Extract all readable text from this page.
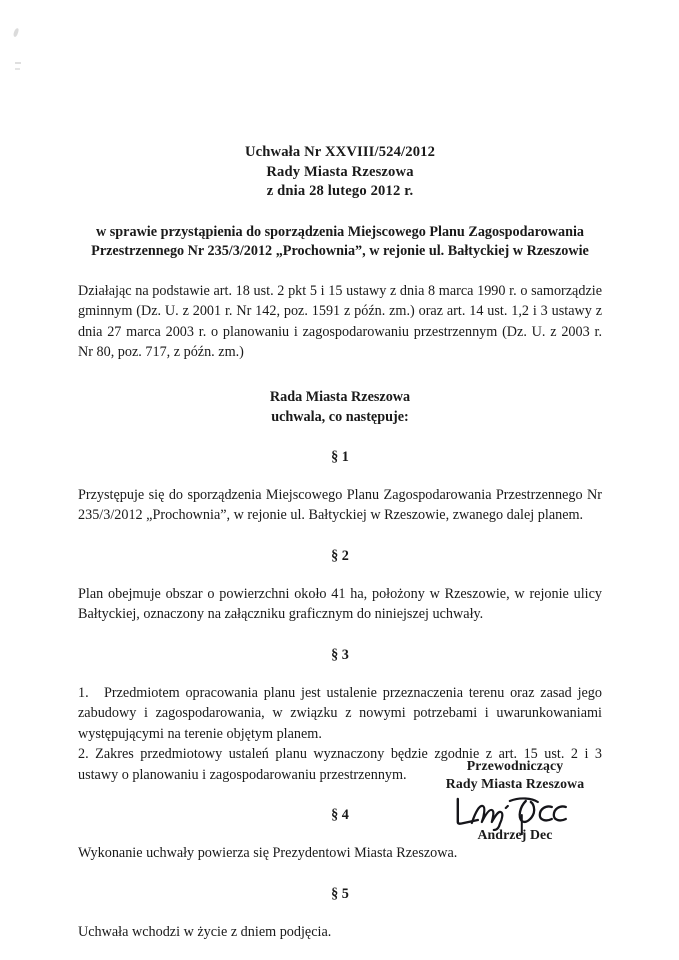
Uchwała Nr XXVIII/524/2012
Rady Miasta Rzeszowa
z dnia 28 lutego 2012 r.
w sprawie przystąpienia do sporządzenia Miejscowego Planu Zagospodarowania
Przestrzennego Nr 235/3/2012 „Prochownia”, w rejonie ul. Bałtyckiej w Rzeszowie
Działając na podstawie art. 18 ust. 2 pkt 5 i 15 ustawy z dnia 8 marca 1990 r. o samorządzie gminnym (Dz. U. z 2001 r. Nr 142, poz. 1591 z późn. zm.) oraz art. 14 ust. 1,2 i 3 ustawy z dnia 27 marca 2003 r. o planowaniu i zagospodarowaniu przestrzennym (Dz. U. z 2003 r. Nr 80, poz. 717, z późn. zm.)
Rada Miasta Rzeszowa
uchwala, co następuje:
§ 1
Przystępuje się do sporządzenia Miejscowego Planu Zagospodarowania Przestrzennego Nr 235/3/2012 „Prochownia”, w rejonie ul. Bałtyckiej w Rzeszowie, zwanego dalej planem.
§ 2
Plan obejmuje obszar o powierzchni około 41 ha, położony w Rzeszowie, w rejonie ulicy Bałtyckiej, oznaczony na załączniku graficznym do niniejszej uchwały.
§ 3
1. Przedmiotem opracowania planu jest ustalenie przeznaczenia terenu oraz zasad jego zabudowy i zagospodarowania, w związku z nowymi potrzebami i uwarunkowaniami występującymi na terenie objętym planem.
2. Zakres przedmiotowy ustaleń planu wyznaczony będzie zgodnie z art. 15 ust. 2 i 3 ustawy o planowaniu i zagospodarowaniu przestrzennym.
§ 4
Wykonanie uchwały powierza się Prezydentowi Miasta Rzeszowa.
§ 5
Uchwała wchodzi w życie z dniem podjęcia.
Przewodniczący
Rady Miasta Rzeszowa
Andrzej Dec
